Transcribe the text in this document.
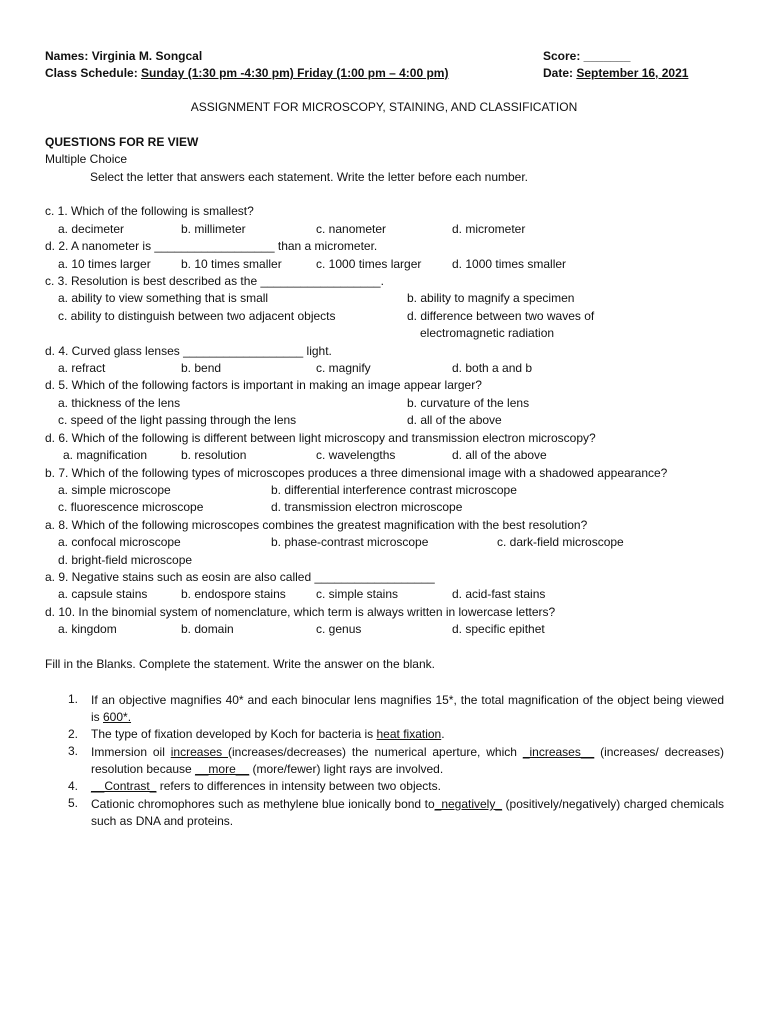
Names: Virginia M. Songcal	Score: _______
Class Schedule: Sunday (1:30 pm -4:30 pm) Friday (1:00 pm – 4:00 pm)	Date: September 16, 2021
ASSIGNMENT FOR MICROSCOPY, STAINING, AND CLASSIFICATION
QUESTIONS FOR RE VIEW
Multiple Choice
Select the letter that answers each statement. Write the letter before each number.
c. 1. Which of the following is smallest?
a. decimeter	b. millimeter	c. nanometer	d. micrometer
d. 2. A nanometer is __________________ than a micrometer.
a. 10 times larger	b. 10 times smaller	c. 1000 times larger	d. 1000 times smaller
c. 3. Resolution is best described as the __________________.
a. ability to view something that is small	b. ability to magnify a specimen
c. ability to distinguish between two adjacent objects	d. difference between two waves of
electromagnetic radiation
d. 4. Curved glass lenses __________________ light.
a. refract	b. bend	c. magnify	d. both a and b
d. 5. Which of the following factors is important in making an image appear larger?
a. thickness of the lens	b. curvature of the lens
c. speed of the light passing through the lens	d. all of the above
d. 6. Which of the following is different between light microscopy and transmission electron microscopy?
a. magnification	b. resolution	c. wavelengths	d. all of the above
b. 7. Which of the following types of microscopes produces a three dimensional image with a shadowed appearance?
a. simple microscope	b. differential interference contrast microscope
c. fluorescence microscope	d. transmission electron microscope
a. 8. Which of the following microscopes combines the greatest magnification with the best resolution?
a. confocal microscope	b. phase-contrast microscope	c. dark-field microscope
d. bright-field microscope
a. 9. Negative stains such as eosin are also called __________________
a. capsule stains	b. endospore stains	c. simple stains	d. acid-fast stains
d. 10. In the binomial system of nomenclature, which term is always written in lowercase letters?
a. kingdom	b. domain	c. genus	d. specific epithet
Fill in the Blanks. Complete the statement. Write the answer on the blank.
1. If an objective magnifies 40* and each binocular lens magnifies 15*, the total magnification of the object being viewed is 600*.
2. The type of fixation developed by Koch for bacteria is heat fixation.
3. Immersion oil increases (increases/decreases) the numerical aperture, which _increases__ (increases/ decreases) resolution because __more__ (more/fewer) light rays are involved.
4. __Contrast_ refers to differences in intensity between two objects.
5. Cationic chromophores such as methylene blue ionically bond to_negatively_ (positively/negatively) charged chemicals such as DNA and proteins.
